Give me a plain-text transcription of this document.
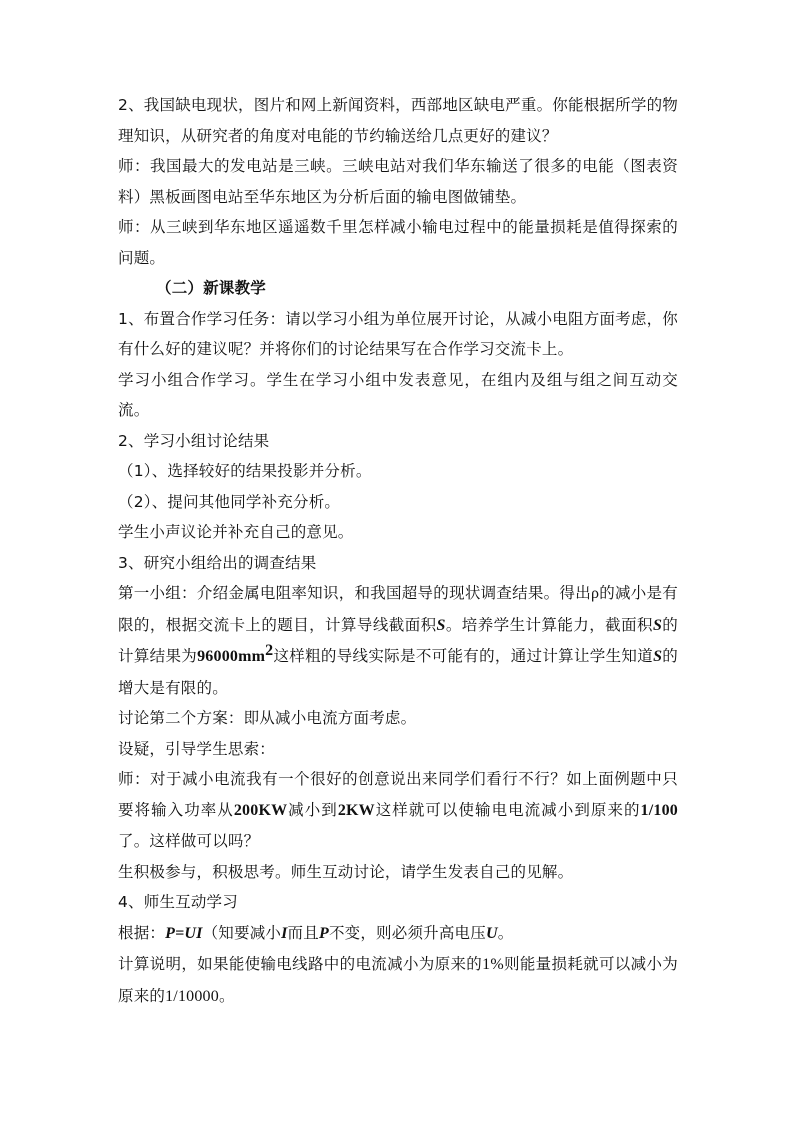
2、我国缺电现状，图片和网上新闻资料，西部地区缺电严重。你能根据所学的物理知识，从研究者的角度对电能的节约输送给几点更好的建议？

师：我国最大的发电站是三峡。三峡电站对我们华东输送了很多的电能（图表资料）黑板画图电站至华东地区为分析后面的输电图做铺垫。

师：从三峡到华东地区遥遥数千里怎样减小输电过程中的能量损耗是值得探索的问题。

（二）新课教学

1、布置合作学习任务：请以学习小组为单位展开讨论，从减小电阻方面考虑，你有什么好的建议呢？并将你们的讨论结果写在合作学习交流卡上。

学习小组合作学习。学生在学习小组中发表意见，在组内及组与组之间互动交流。

2、学习小组讨论结果

（1）、选择较好的结果投影并分析。

（2）、提问其他同学补充分析。

学生小声议论并补充自己的意见。

3、研究小组给出的调查结果

第一小组：介绍金属电阻率知识，和我国超导的现状调查结果。得出ρ的减小是有限的，根据交流卡上的题目，计算导线截面积S。培养学生计算能力，截面积S的计算结果为$96000mm^2$这样粗的导线实际是不可能有的，通过计算让学生知道S的增大是有限的。

讨论第二个方案：即从减小电流方面考虑。

设疑，引导学生思索：

师：对于减小电流我有一个很好的创意说出来同学们看行不行？如上面例题中只要将输入功率从200KW减小到2KW这样就可以使输电电流减小到原来的1/100了。这样做可以吗？

生积极参与，积极思考。师生互动讨论，请学生发表自己的见解。

4、师生互动学习

根据：P=UI（知要减小I而且P不变，则必须升高电压U。

计算说明，如果能使输电线路中的电流减小为原来的1%则能量损耗就可以减小为原来的1/10000。
